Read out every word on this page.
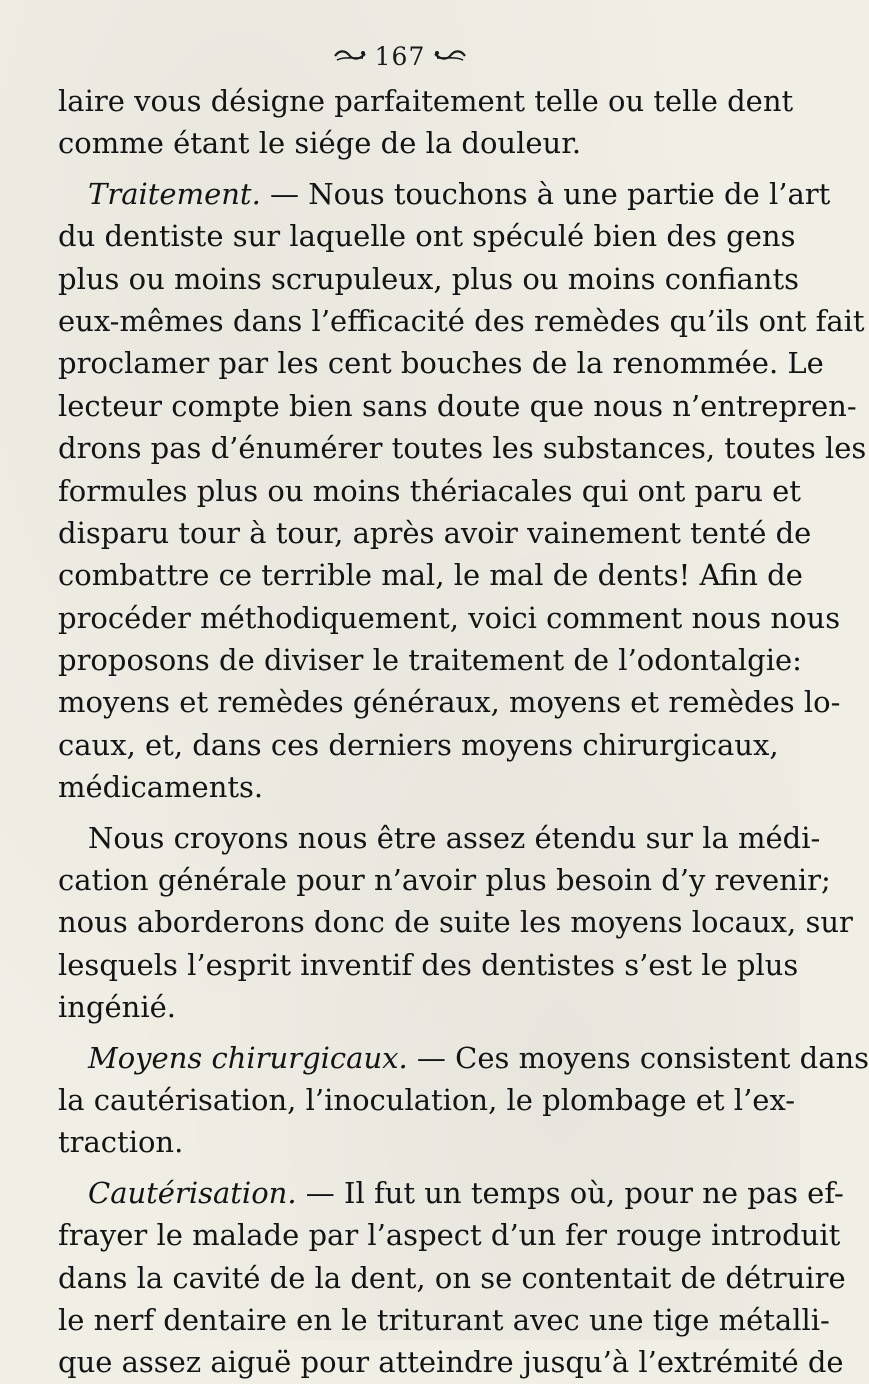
167
laire vous désigne parfaitement telle ou telle dent
comme étant le siége de la douleur.
Traitement. — Nous touchons à une partie de l’art
du dentiste sur laquelle ont spéculé bien des gens
plus ou moins scrupuleux, plus ou moins confiants
eux-mêmes dans l’efficacité des remèdes qu’ils ont fait
proclamer par les cent bouches de la renommée. Le
lecteur compte bien sans doute que nous n’entrepren-
drons pas d’énumérer toutes les substances, toutes les
formules plus ou moins thériacales qui ont paru et
disparu tour à tour, après avoir vainement tenté de
combattre ce terrible mal, le mal de dents! Afin de
procéder méthodiquement, voici comment nous nous
proposons de diviser le traitement de l’odontalgie:
moyens et remèdes généraux, moyens et remèdes lo-
caux, et, dans ces derniers moyens chirurgicaux,
médicaments.
Nous croyons nous être assez étendu sur la médi-
cation générale pour n’avoir plus besoin d’y revenir;
nous aborderons donc de suite les moyens locaux, sur
lesquels l’esprit inventif des dentistes s’est le plus
ingénié.
Moyens chirurgicaux. — Ces moyens consistent dans
la cautérisation, l’inoculation, le plombage et l’ex-
traction.
Cautérisation. — Il fut un temps où, pour ne pas ef-
frayer le malade par l’aspect d’un fer rouge introduit
dans la cavité de la dent, on se contentait de détruire
le nerf dentaire en le triturant avec une tige métalli-
que assez aiguë pour atteindre jusqu’à l’extrémité de
